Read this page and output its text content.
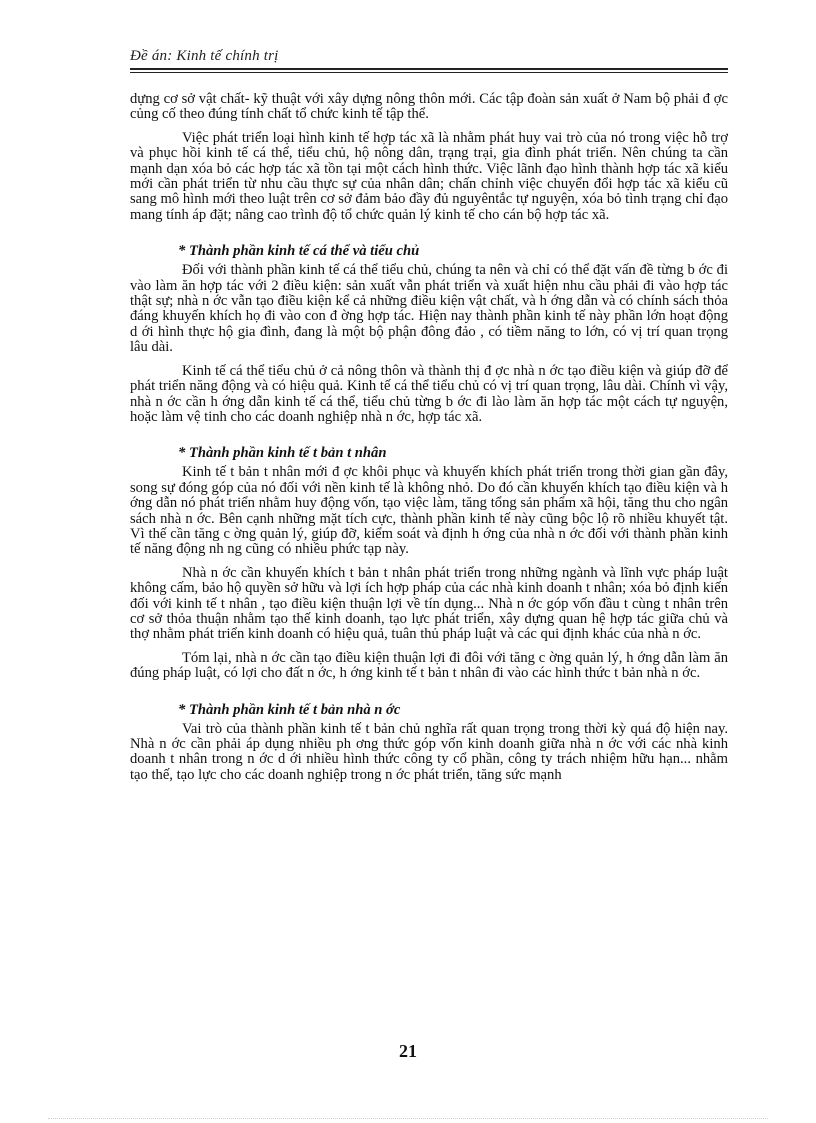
Đề án: Kinh tế chính trị

dựng cơ sở vật chất- kỹ thuật với xây dựng nông thôn mới. Các tập đoàn sản xuất ở Nam bộ phải đ ợc củng cố theo đúng tính chất tổ chức kinh tế tập thể.

Việc phát triển loại hình kinh tế hợp tác xã là nhằm phát huy vai trò của nó trong việc hỗ trợ và phục hồi kinh tế cá thể, tiểu chủ, hộ nông dân, trạng trại, gia đình phát triển. Nên chúng ta cần mạnh dạn xóa bỏ các hợp tác xã tồn tại một cách hình thức. Việc lãnh đạo hình thành hợp tác xã kiểu mới cần phát triển từ nhu cầu thực sự của nhân dân; chấn chỉnh việc chuyển đổi hợp tác xã kiểu cũ sang mô hình mới theo luật trên cơ sở đảm bảo đầy đủ nguyêntắc tự nguyện, xóa bỏ tình trạng chỉ đạo mang tính áp đặt; nâng cao trình độ tổ chức quản lý kinh tế cho cán bộ hợp tác xã.

* Thành phần kinh tế cá thể và tiểu chủ

Đối với thành phần kinh tế cá thể tiểu chủ, chúng ta nên và chỉ có thể đặt vấn đề từng b ớc đi vào làm ăn hợp tác với 2 điều kiện: sản xuất vẫn phát triển và xuất hiện nhu cầu phải đi vào hợp tác thật sự; nhà n ớc vẫn tạo điều kiện kể cả những điều kiện vật chất, và h ớng dẫn và có chính sách thỏa đáng khuyến khích họ đi vào con đ ờng hợp tác. Hiện nay thành phần kinh tế này phần lớn hoạt động d ới hình thực hộ gia đình, đang là một bộ phận đông đảo , có tiềm năng to lớn, có vị trí quan trọng lâu dài.

Kinh tế cá thể tiểu chủ ở cả nông thôn và thành thị đ ợc nhà n ớc tạo điều kiện và giúp đỡ để phát triển năng động và có hiệu quả. Kinh tế cá thể tiểu chủ có vị trí quan trọng, lâu dài. Chính vì vậy, nhà n ớc cần h ớng dẫn kinh tế cá thể, tiểu chủ từng b ớc đi lào làm ăn hợp tác một cách tự nguyện, hoặc làm vệ tinh cho các doanh nghiệp nhà n ớc, hợp tác xã.

* Thành phần kinh tế t bản t nhân

Kinh tế t bản t nhân mới đ ợc khôi phục và khuyến khích phát triển trong thời gian gần đây, song sự đóng góp của nó đối với nền kinh tế là không nhỏ. Do đó cần khuyến khích tạo điều kiện và h ớng dẫn nó phát triển nhằm huy động vốn, tạo việc làm, tăng tổng sản phẩm xã hội, tăng thu cho ngân sách nhà n ớc. Bên cạnh những mặt tích cực, thành phần kinh tế này cũng bộc lộ rõ nhiều khuyết tật. Vì thế cần tăng c ờng quản lý, giúp đỡ, kiểm soát và định h ớng của nhà n ớc đối với thành phần kinh tế năng động nh ng cũng có nhiều phức tạp này.

Nhà n ớc cần khuyến khích t bản t nhân phát triển trong những ngành và lĩnh vực pháp luật không cấm, bảo hộ quyền sở hữu và lợi ích hợp pháp của các nhà kinh doanh t nhân; xóa bỏ định kiến đối với kinh tế t nhân , tạo điều kiện thuận lợi về tín dụng... Nhà n ớc góp vốn đầu t cùng t nhân trên cơ sở thỏa thuận nhằm tạo thế kinh doanh, tạo lực phát triển, xây dựng quan hệ hợp tác giữa chủ và thợ nhằm phát triển kinh doanh có hiệu quả, tuân thủ pháp luật và các qui định khác của nhà n ớc.

Tóm lại, nhà n ớc cần tạo điều kiện thuận lợi đi đôi với tăng c ờng quản lý, h ớng dẫn làm ăn đúng pháp luật, có lợi cho đất n ớc, h ớng kinh tế t bản t nhân đi vào các hình thức t bản nhà n ớc.

* Thành phần kinh tế t bản nhà n ớc

Vai trò của thành phần kinh tế t bản chủ nghĩa rất quan trọng trong thời kỳ quá độ hiện nay. Nhà n ớc cần phải áp dụng nhiều ph ơng thức góp vốn kinh doanh giữa nhà n ớc với các nhà kinh doanh t nhân trong n ớc d ới nhiều hình thức công ty cổ phần, công ty trách nhiệm hữu hạn... nhằm tạo thế, tạo lực cho các doanh nghiệp trong n ớc phát triển, tăng sức mạnh

21
